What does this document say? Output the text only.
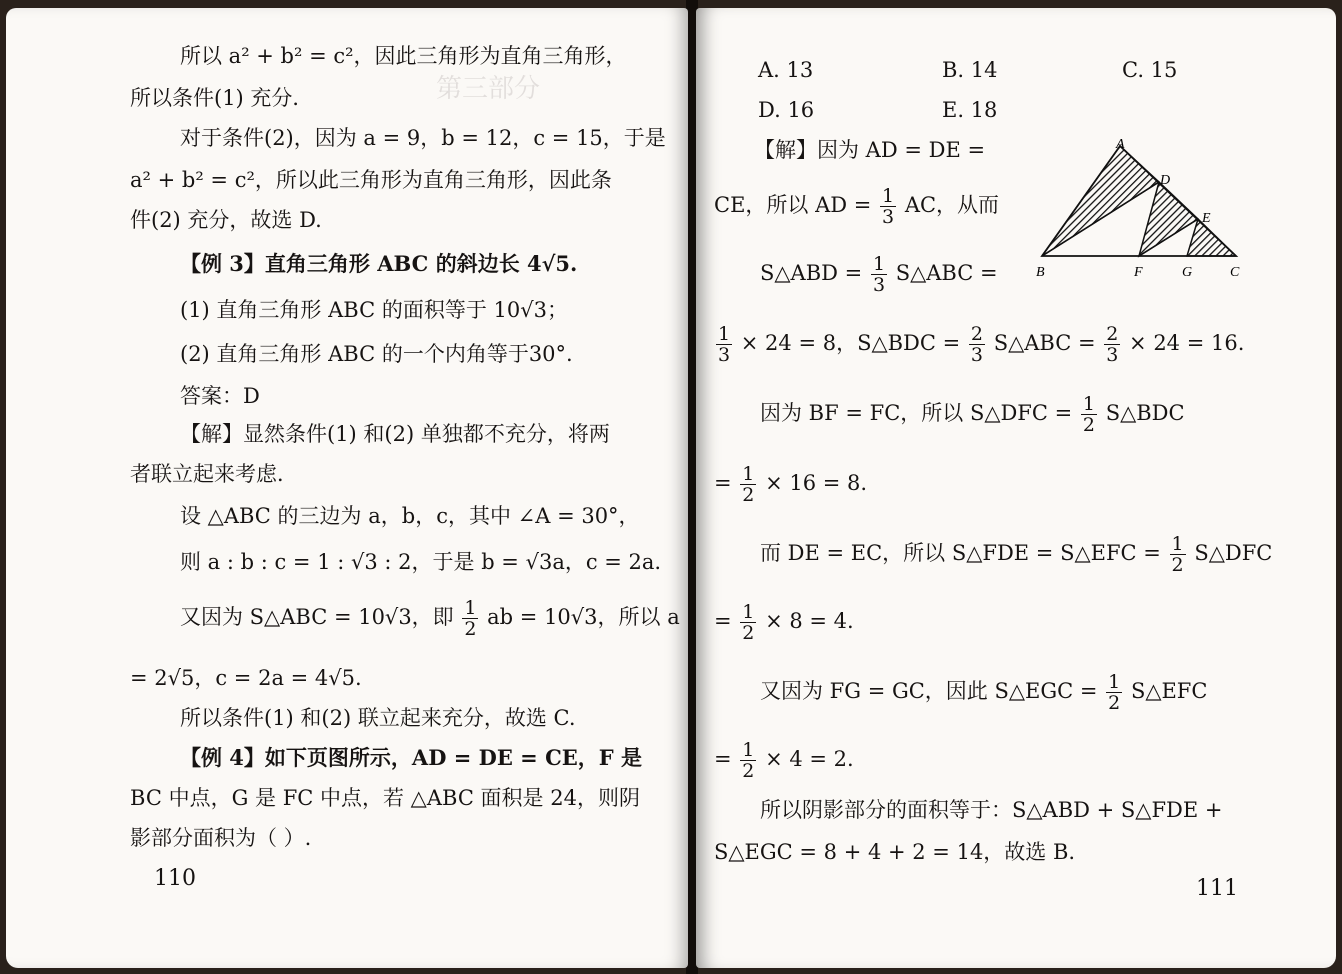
第三部分
所以 a² + b² = c²，因此三角形为直角三角形，
所以条件(1) 充分．
对于条件(2)，因为 a = 9，b = 12，c = 15，于是
a² + b² = c²，所以此三角形为直角三角形，因此条
件(2) 充分，故选 D.
【例 3】直角三角形 ABC 的斜边长 4√5.
(1) 直角三角形 ABC 的面积等于 10√3；
(2) 直角三角形 ABC 的一个内角等于30°.
答案：D
【解】显然条件(1) 和(2) 单独都不充分，将两
者联立起来考虑．
设 △ABC 的三边为 a，b，c，其中 ∠A = 30°，
则 a : b : c = 1 : √3 : 2，于是 b = √3a，c = 2a.
又因为 S△ABC = 10√3，即 $\frac{1}{2}$ ab = 10√3，所以 a
= 2√5，c = 2a = 4√5.
所以条件(1) 和(2) 联立起来充分，故选 C.
【例 4】如下页图所示，AD = DE = CE，F 是
BC 中点，G 是 FC 中点，若 △ABC 面积是 24，则阴
影部分面积为（ ）.
110
A. 13	B. 14	C. 15
D. 16	E. 18
【解】因为 AD = DE =
CE，所以 AD = $\frac{1}{3}$ AC，从而
S△ABD = $\frac{1}{3}$ S△ABC =
$\frac{1}{3} \times 24 = 8$，S△BDC = $\frac{2}{3}$ S△ABC = $\frac{2}{3} \times 24 = 16$.
因为 BF = FC，所以 S△DFC = $\frac{1}{2}$ S△BDC
= $\frac{1}{2} \times 16 = 8$.
而 DE = EC，所以 S△FDE = S△EFC = $\frac{1}{2}$ S△DFC
= $\frac{1}{2} \times 8 = 4$.
又因为 FG = GC，因此 S△EGC = $\frac{1}{2}$ S△EFC
= $\frac{1}{2} \times 4 = 2$.
所以阴影部分的面积等于：S△ABD + S△FDE +
S△EGC = 8 + 4 + 2 = 14，故选 B.
111
A
D
E
B	F	G	C
